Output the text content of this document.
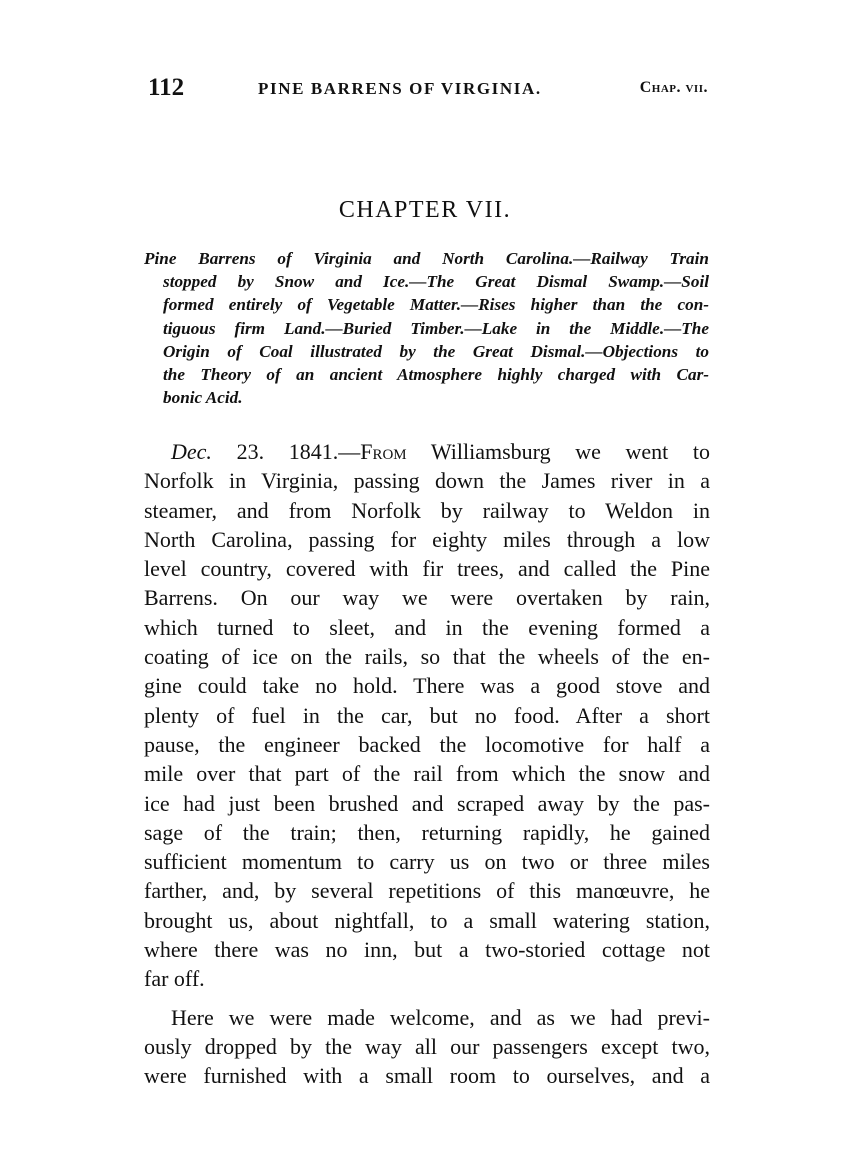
112	PINE BARRENS OF VIRGINIA.	Chap. vii.
CHAPTER VII.
Pine Barrens of Virginia and North Carolina.—Railway Train
stopped by Snow and Ice.—The Great Dismal Swamp.—Soil
formed entirely of Vegetable Matter.—Rises higher than the con-
tiguous firm Land.—Buried Timber.—Lake in the Middle.—The
Origin of Coal illustrated by the Great Dismal.—Objections to
the Theory of an ancient Atmosphere highly charged with Car-
bonic Acid.
Dec. 23. 1841.—From Williamsburg we went to
Norfolk in Virginia, passing down the James river in a
steamer, and from Norfolk by railway to Weldon in
North Carolina, passing for eighty miles through a low
level country, covered with fir trees, and called the Pine
Barrens. On our way we were overtaken by rain,
which turned to sleet, and in the evening formed a
coating of ice on the rails, so that the wheels of the en-
gine could take no hold. There was a good stove and
plenty of fuel in the car, but no food. After a short
pause, the engineer backed the locomotive for half a
mile over that part of the rail from which the snow and
ice had just been brushed and scraped away by the pas-
sage of the train; then, returning rapidly, he gained
sufficient momentum to carry us on two or three miles
farther, and, by several repetitions of this manœuvre, he
brought us, about nightfall, to a small watering station,
where there was no inn, but a two-storied cottage not
far off.
Here we were made welcome, and as we had previ-
ously dropped by the way all our passengers except two,
were furnished with a small room to ourselves, and a
